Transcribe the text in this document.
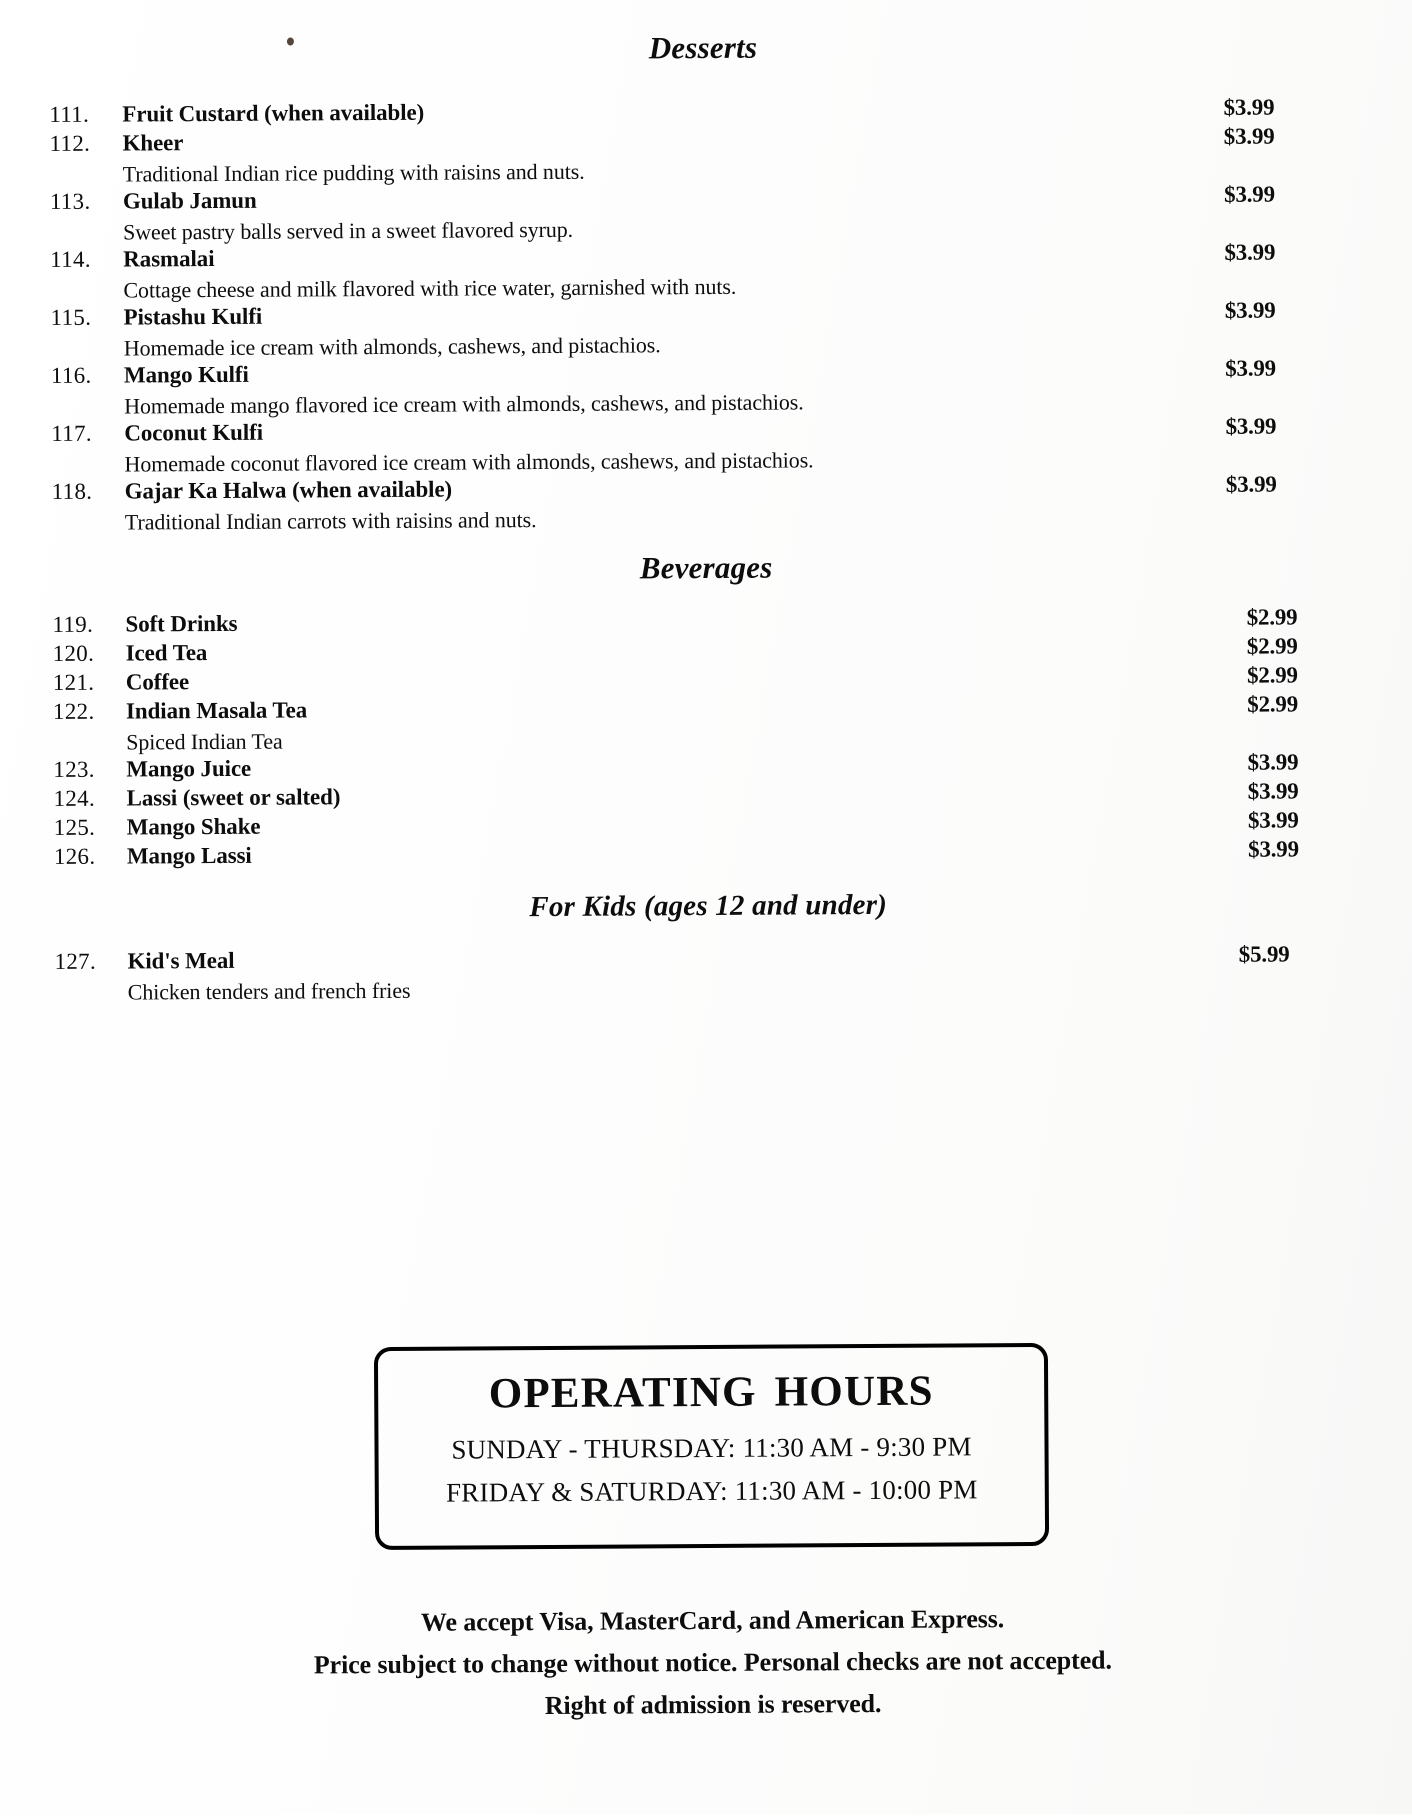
Desserts
111.	Fruit Custard (when available)	$3.99
112.	Kheer	$3.99
Traditional Indian rice pudding with raisins and nuts.
113.	Gulab Jamun	$3.99
Sweet pastry balls served in a sweet flavored syrup.
114.	Rasmalai	$3.99
Cottage cheese and milk flavored with rice water, garnished with nuts.
115.	Pistashu Kulfi	$3.99
Homemade ice cream with almonds, cashews, and pistachios.
116.	Mango Kulfi	$3.99
Homemade mango flavored ice cream with almonds, cashews, and pistachios.
117.	Coconut Kulfi	$3.99
Homemade coconut flavored ice cream with almonds, cashews, and pistachios.
118.	Gajar Ka Halwa (when available)	$3.99
Traditional Indian carrots with raisins and nuts.
Beverages
119.	Soft Drinks	$2.99
120.	Iced Tea	$2.99
121.	Coffee	$2.99
122.	Indian Masala Tea	$2.99
Spiced Indian Tea
123.	Mango Juice	$3.99
124.	Lassi (sweet or salted)	$3.99
125.	Mango Shake	$3.99
126.	Mango Lassi	$3.99
For Kids (ages 12 and under)
127.	Kid's Meal	$5.99
Chicken tenders and french fries
OPERATING HOURS
SUNDAY - THURSDAY: 11:30 AM - 9:30 PM
FRIDAY & SATURDAY: 11:30 AM - 10:00 PM
We accept Visa, MasterCard, and American Express.
Price subject to change without notice. Personal checks are not accepted.
Right of admission is reserved.
